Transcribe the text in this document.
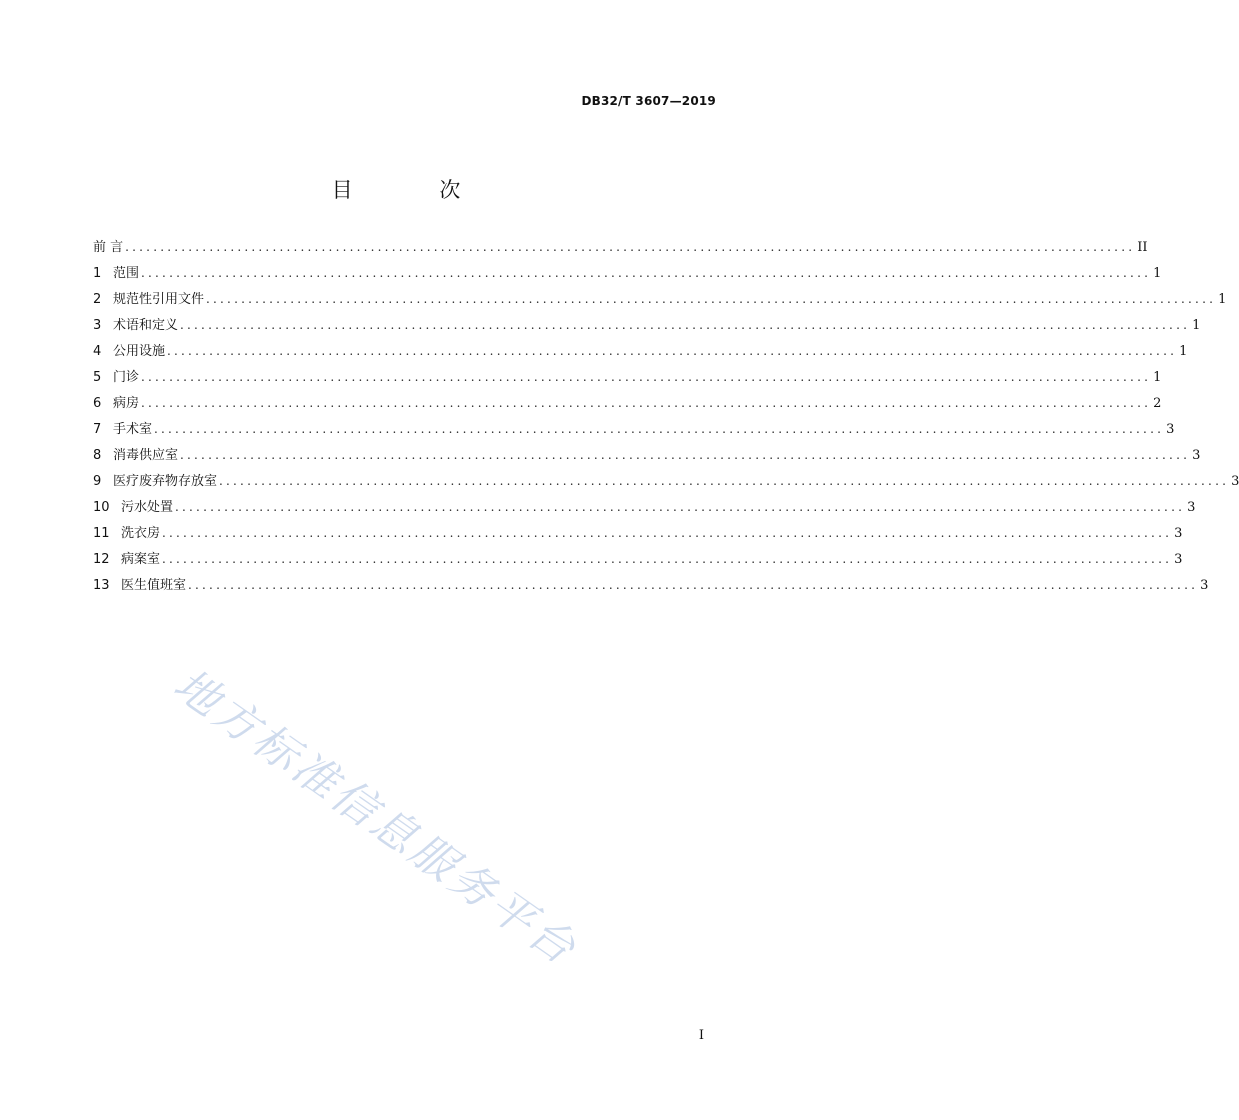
DB32/T 3607—2019
目 次
前 言 ................................................................................................................................................ II
1 范围 ................................................................................................................................................ 1
2 规范性引用文件 ................................................................................................................................................ 1
3 术语和定义 ................................................................................................................................................ 1
4 公用设施 ................................................................................................................................................ 1
5 门诊 ................................................................................................................................................ 1
6 病房 ................................................................................................................................................ 2
7 手术室 ................................................................................................................................................ 3
8 消毒供应室 ................................................................................................................................................ 3
9 医疗废弃物存放室 ................................................................................................................................................ 3
10 污水处置 ................................................................................................................................................ 3
11 洗衣房 ................................................................................................................................................ 3
12 病案室 ................................................................................................................................................ 3
13 医生值班室 ................................................................................................................................................ 3
地方标准信息服务平台
I
